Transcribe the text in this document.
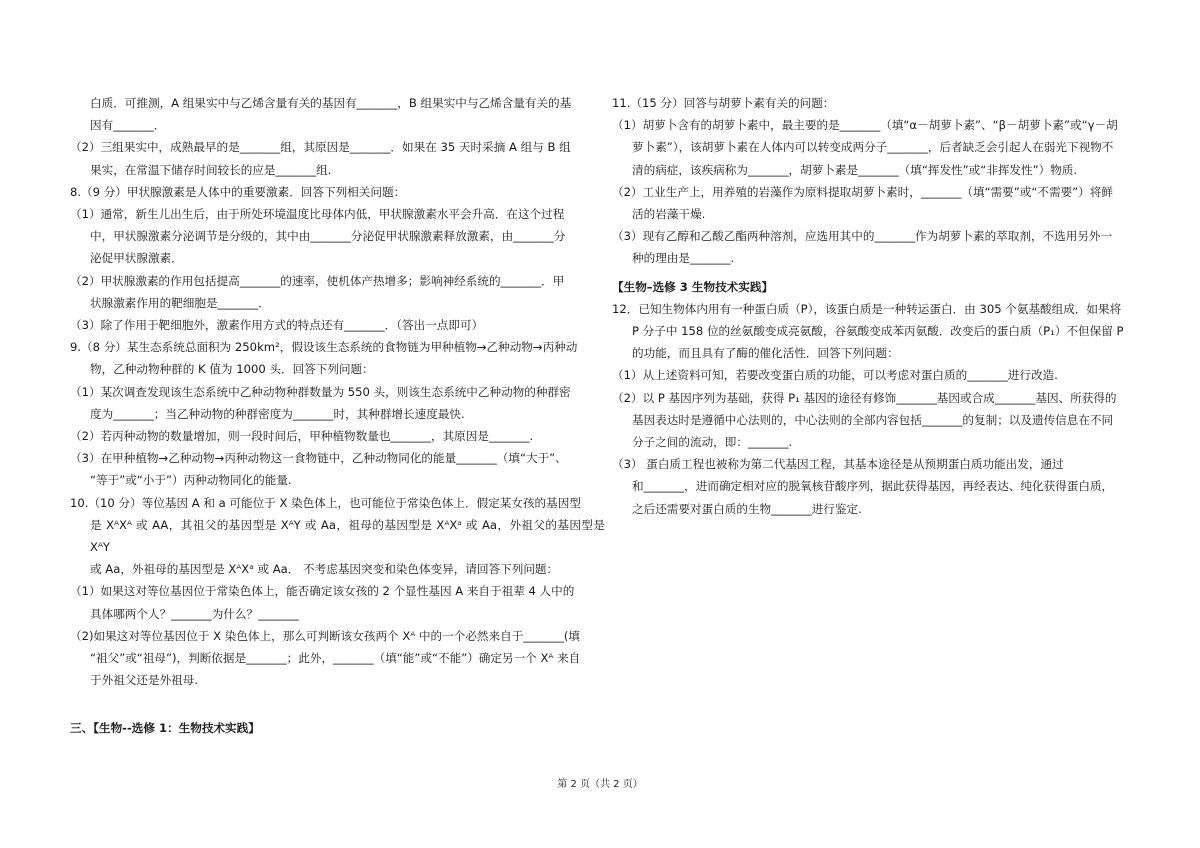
白质．可推测，A 组果实中与乙烯含量有关的基因有_______，B 组果实中与乙烯含量有关的基

因有_______．

（2）三组果实中，成熟最早的是_______组，其原因是_______．如果在 35 天时采摘 A 组与 B 组

果实，在常温下储存时间较长的应是_______组.

8.（9 分）甲状腺激素是人体中的重要激素．回答下列相关问题：

（1）通常，新生儿出生后，由于所处环境温度比母体内低，甲状腺激素水平会升高．在这个过程

中，甲状腺激素分泌调节是分级的，其中由_______分泌促甲状腺激素释放激素，由_______分

泌促甲状腺激素．

（2）甲状腺激素的作用包括提高_______的速率，使机体产热增多；影响神经系统的_______．甲

状腺激素作用的靶细胞是_______．

（3）除了作用于靶细胞外，激素作用方式的特点还有_______．（答出一点即可）

9.（8 分）某生态系统总面积为 250km²，假设该生态系统的食物链为甲种植物→乙种动物→丙种动

物，乙种动物种群的 K 值为 1000 头．回答下列问题：

（1）某次调查发现该生态系统中乙种动物种群数量为 550 头，则该生态系统中乙种动物的种群密

度为_______；当乙种动物的种群密度为_______时，其种群增长速度最快.

（2）若丙种动物的数量增加，则一段时间后，甲种植物数量也_______，其原因是_______.

（3）在甲种植物→乙种动物→丙种动物这一食物链中，乙种动物同化的能量_______（填“大于”、

“等于”或“小于”）丙种动物同化的能量.

10.（10 分）等位基因 A 和 a 可能位于 X 染色体上，也可能位于常染色体上．假定某女孩的基因型

是 XᴬXᴬ 或 AA，其祖父的基因型是 XᴬY 或 Aa，祖母的基因型是 XᴬXᵃ 或 Aa，外祖父的基因型是 XᴬY

或 Aa，外祖母的基因型是 XᴬXᵃ 或 Aa． 不考虑基因突变和染色体变异，请回答下列问题：

（1）如果这对等位基因位于常染色体上，能否确定该女孩的 2 个显性基因 A 来自于祖辈 4 人中的

具体哪两个人？_______为什么？_______

（2)如果这对等位基因位于 X 染色体上，那么可判断该女孩两个 Xᴬ 中的一个必然来自于_______(填

“祖父”或“祖母”)，判断依据是_______；此外，_______（填“能”或“不能”）确定另一个 Xᴬ 来自

于外祖父还是外祖母.

三、【生物--选修 1：生物技术实践】

11.（15 分）回答与胡萝卜素有关的问题：

（1）胡萝卜含有的胡萝卜素中，最主要的是_______（填“α－胡萝卜素”、“β－胡萝卜素”或“γ－胡

萝卜素”），该胡萝卜素在人体内可以转变成两分子_______，后者缺乏会引起人在弱光下视物不

清的病症，该疾病称为_______，胡萝卜素是_______（填“挥发性”或“非挥发性”）物质.

（2）工业生产上，用养殖的岩藻作为原料提取胡萝卜素时，_______（填“需要”或“不需要”）将鲜

活的岩藻干燥.

（3）现有乙醇和乙酸乙酯两种溶剂，应选用其中的_______作为胡萝卜素的萃取剂，不选用另外一

种的理由是_______.

【生物–选修 3 生物技术实践】

12．已知生物体内用有一种蛋白质（P），该蛋白质是一种转运蛋白．由 305 个氨基酸组成．如果将

P 分子中 158 位的丝氨酸变成亮氨酸，谷氨酸变成苯丙氨酸．改变后的蛋白质（P₁）不但保留 P

的功能，而且具有了酶的催化活性．回答下列问题：

（1）从上述资料可知，若要改变蛋白质的功能，可以考虑对蛋白质的_______进行改造.

（2）以 P 基因序列为基础，获得 P₁ 基因的途径有修饰_______基因或合成_______基因、所获得的

基因表达时是遵循中心法则的，中心法则的全部内容包括_______的复制；以及遗传信息在不同

分子之间的流动，即：_______.

（3） 蛋白质工程也被称为第二代基因工程，其基本途径是从预期蛋白质功能出发，通过

和_______，进而确定相对应的脱氧核苷酸序列，据此获得基因，再经表达、纯化获得蛋白质，

之后还需要对蛋白质的生物_______进行鉴定.

第 2 页（共 2 页）
